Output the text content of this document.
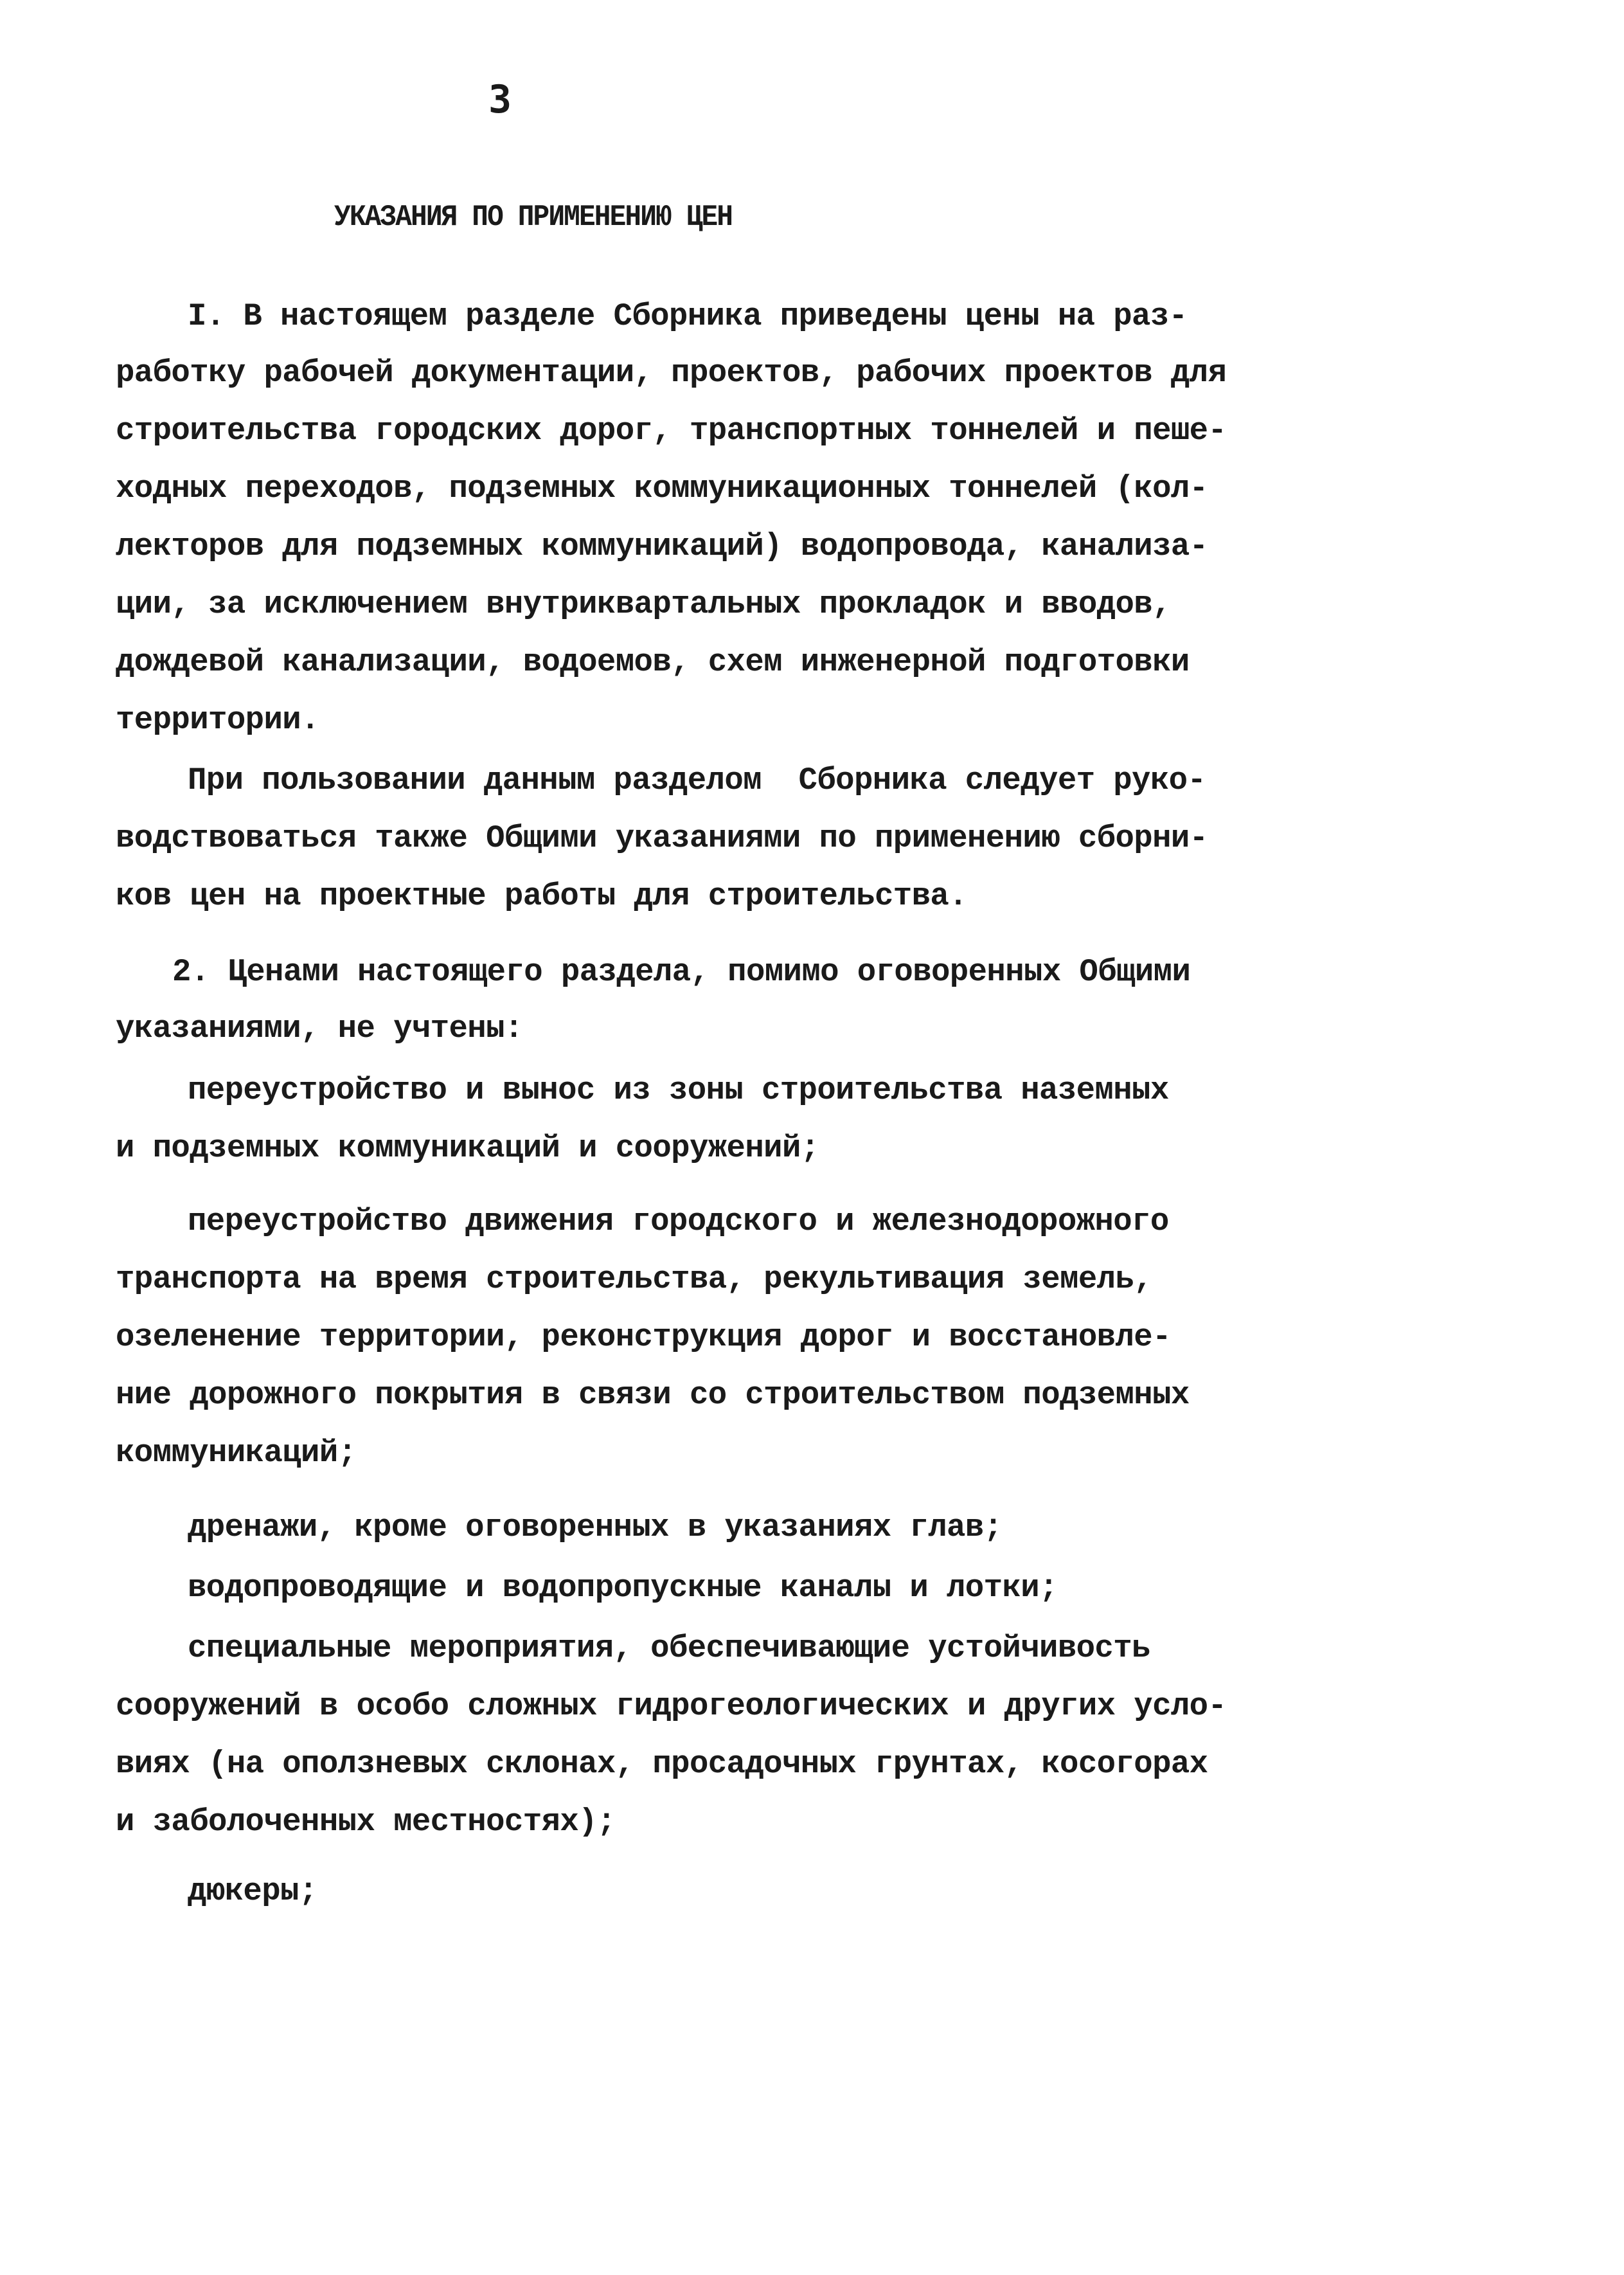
3
УКАЗАНИЯ ПО ПРИМЕНЕНИЮ ЦЕН
I. В настоящем разделе Сборника приведены цены на раз-
работку рабочей документации, проектов, рабочих проектов для
строительства городских дорог, транспортных тоннелей и пеше-
ходных переходов, подземных коммуникационных тоннелей (кол-
лекторов для подземных коммуникаций) водопровода, канализа-
ции, за исключением внутриквартальных прокладок и вводов,
дождевой канализации, водоемов, схем инженерной подготовки
территории.
При пользовании данным разделом  Сборника следует руко-
водствоваться также Общими указаниями по применению сборни-
ков цен на проектные работы для строительства.
2. Ценами настоящего раздела, помимо оговоренных Общими
указаниями, не учтены:
переустройство и вынос из зоны строительства наземных
и подземных коммуникаций и сооружений;
переустройство движения городского и железнодорожного
транспорта на время строительства, рекультивация земель,
озеленение территории, реконструкция дорог и восстановле-
ние дорожного покрытия в связи со строительством подземных
коммуникаций;
дренажи, кроме оговоренных в указаниях глав;
водопроводящие и водопропускные каналы и лотки;
специальные мероприятия, обеспечивающие устойчивость
сооружений в особо сложных гидрогеологических и других усло-
виях (на оползневых склонах, просадочных грунтах, косогорах
и заболоченных местностях);
дюкеры;
